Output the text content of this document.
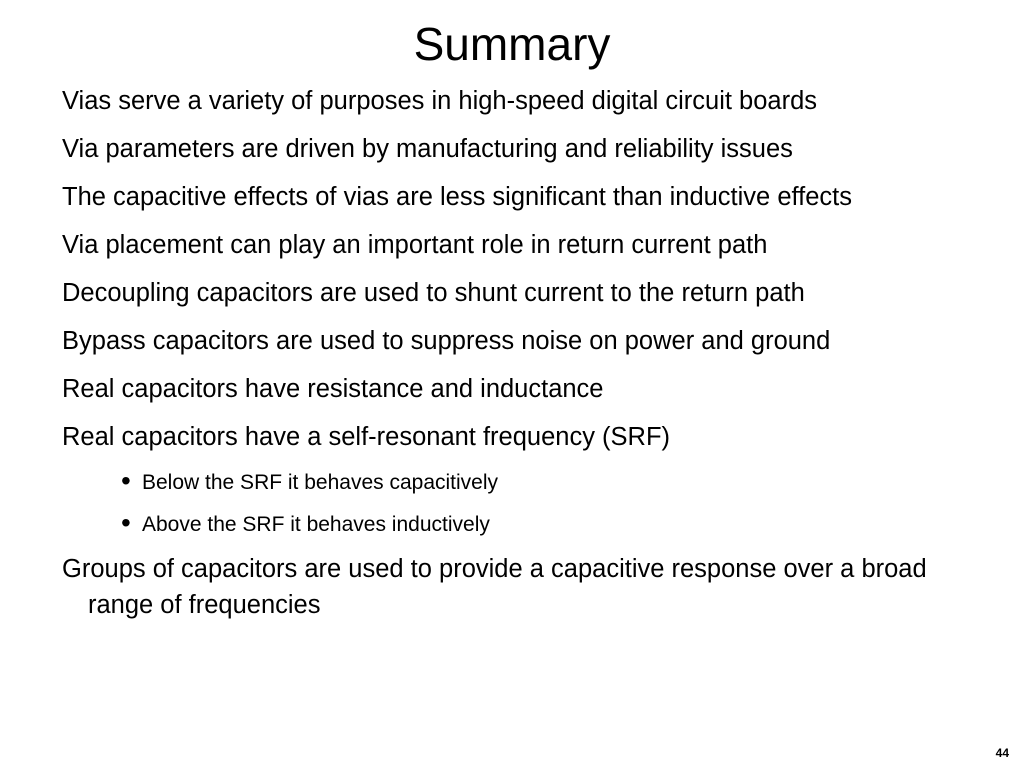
Summary

Vias serve a variety of purposes in high-speed digital circuit boards

Via parameters are driven by manufacturing and reliability issues

The capacitive effects of vias are less significant than inductive effects

Via placement can play an important role in return current path

Decoupling capacitors are used to shunt current to the return path

Bypass capacitors are used to suppress noise on power and ground

Real capacitors have resistance and inductance

Real capacitors have a self-resonant frequency (SRF)

• Below the SRF it behaves capacitively

• Above the SRF it behaves inductively

Groups of capacitors are used to provide a capacitive response over a broad range of frequencies

44
